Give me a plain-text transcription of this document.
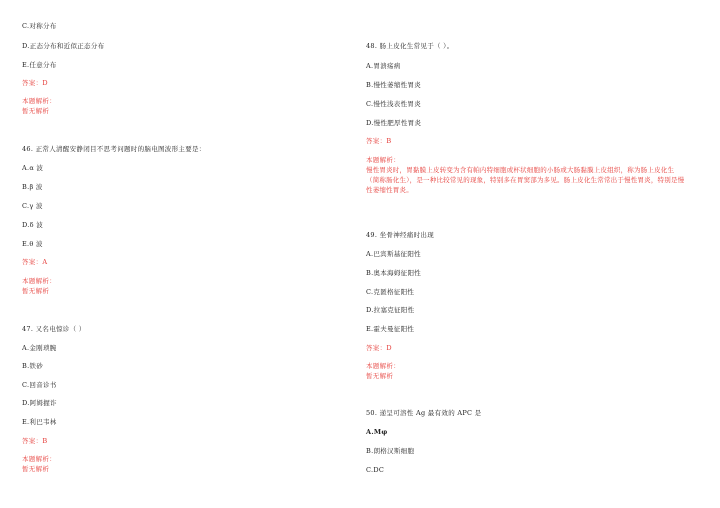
C.对称分布
D.正态分布和近似正态分布
E.任意分布
答案：D
本题解析：
暂无解析
46. 正常人清醒安静闭目不思考问题时的脑电图波形主要是：
A.α 波
B.β 波
C.γ 波
D.δ 波
E.θ 波
答案：A
本题解析：
暂无解析
47. 又名电惊诊（ ）
A.金刚琐腕
B.铁砂
C.回音诊书
D.阿姆握诈
E.利巴韦林
答案：B
本题解析：
暂无解析
48. 肠上皮化生常见于（ ）。
A.胃溃疡病
B.慢性萎缩性胃炎
C.慢性浅表性胃炎
D.慢性肥厚性胃炎
答案：B
本题解析：
慢性胃炎时，胃黏膜上皮转变为含有帕内特细胞或杯状细胞的小肠或大肠黏膜上皮组织，称为肠上皮化生（简称肠化生），是一种比较常见的现象，特别多在胃窦部为多见。肠上皮化生常常出于慢性胃炎，特别是慢性萎缩性胃炎。
49. 坐骨神经痛时出现
A.巴宾斯基征阳性
B.奥本海姆征阳性
C.克匿格征阳性
D.拉塞克征阳性
E.霍夫曼征阳性
答案：D
本题解析：
暂无解析
50. 递呈可溶性 Ag 最有效的 APC 是
A.Mφ
B.朗格汉斯细胞
C.DC
